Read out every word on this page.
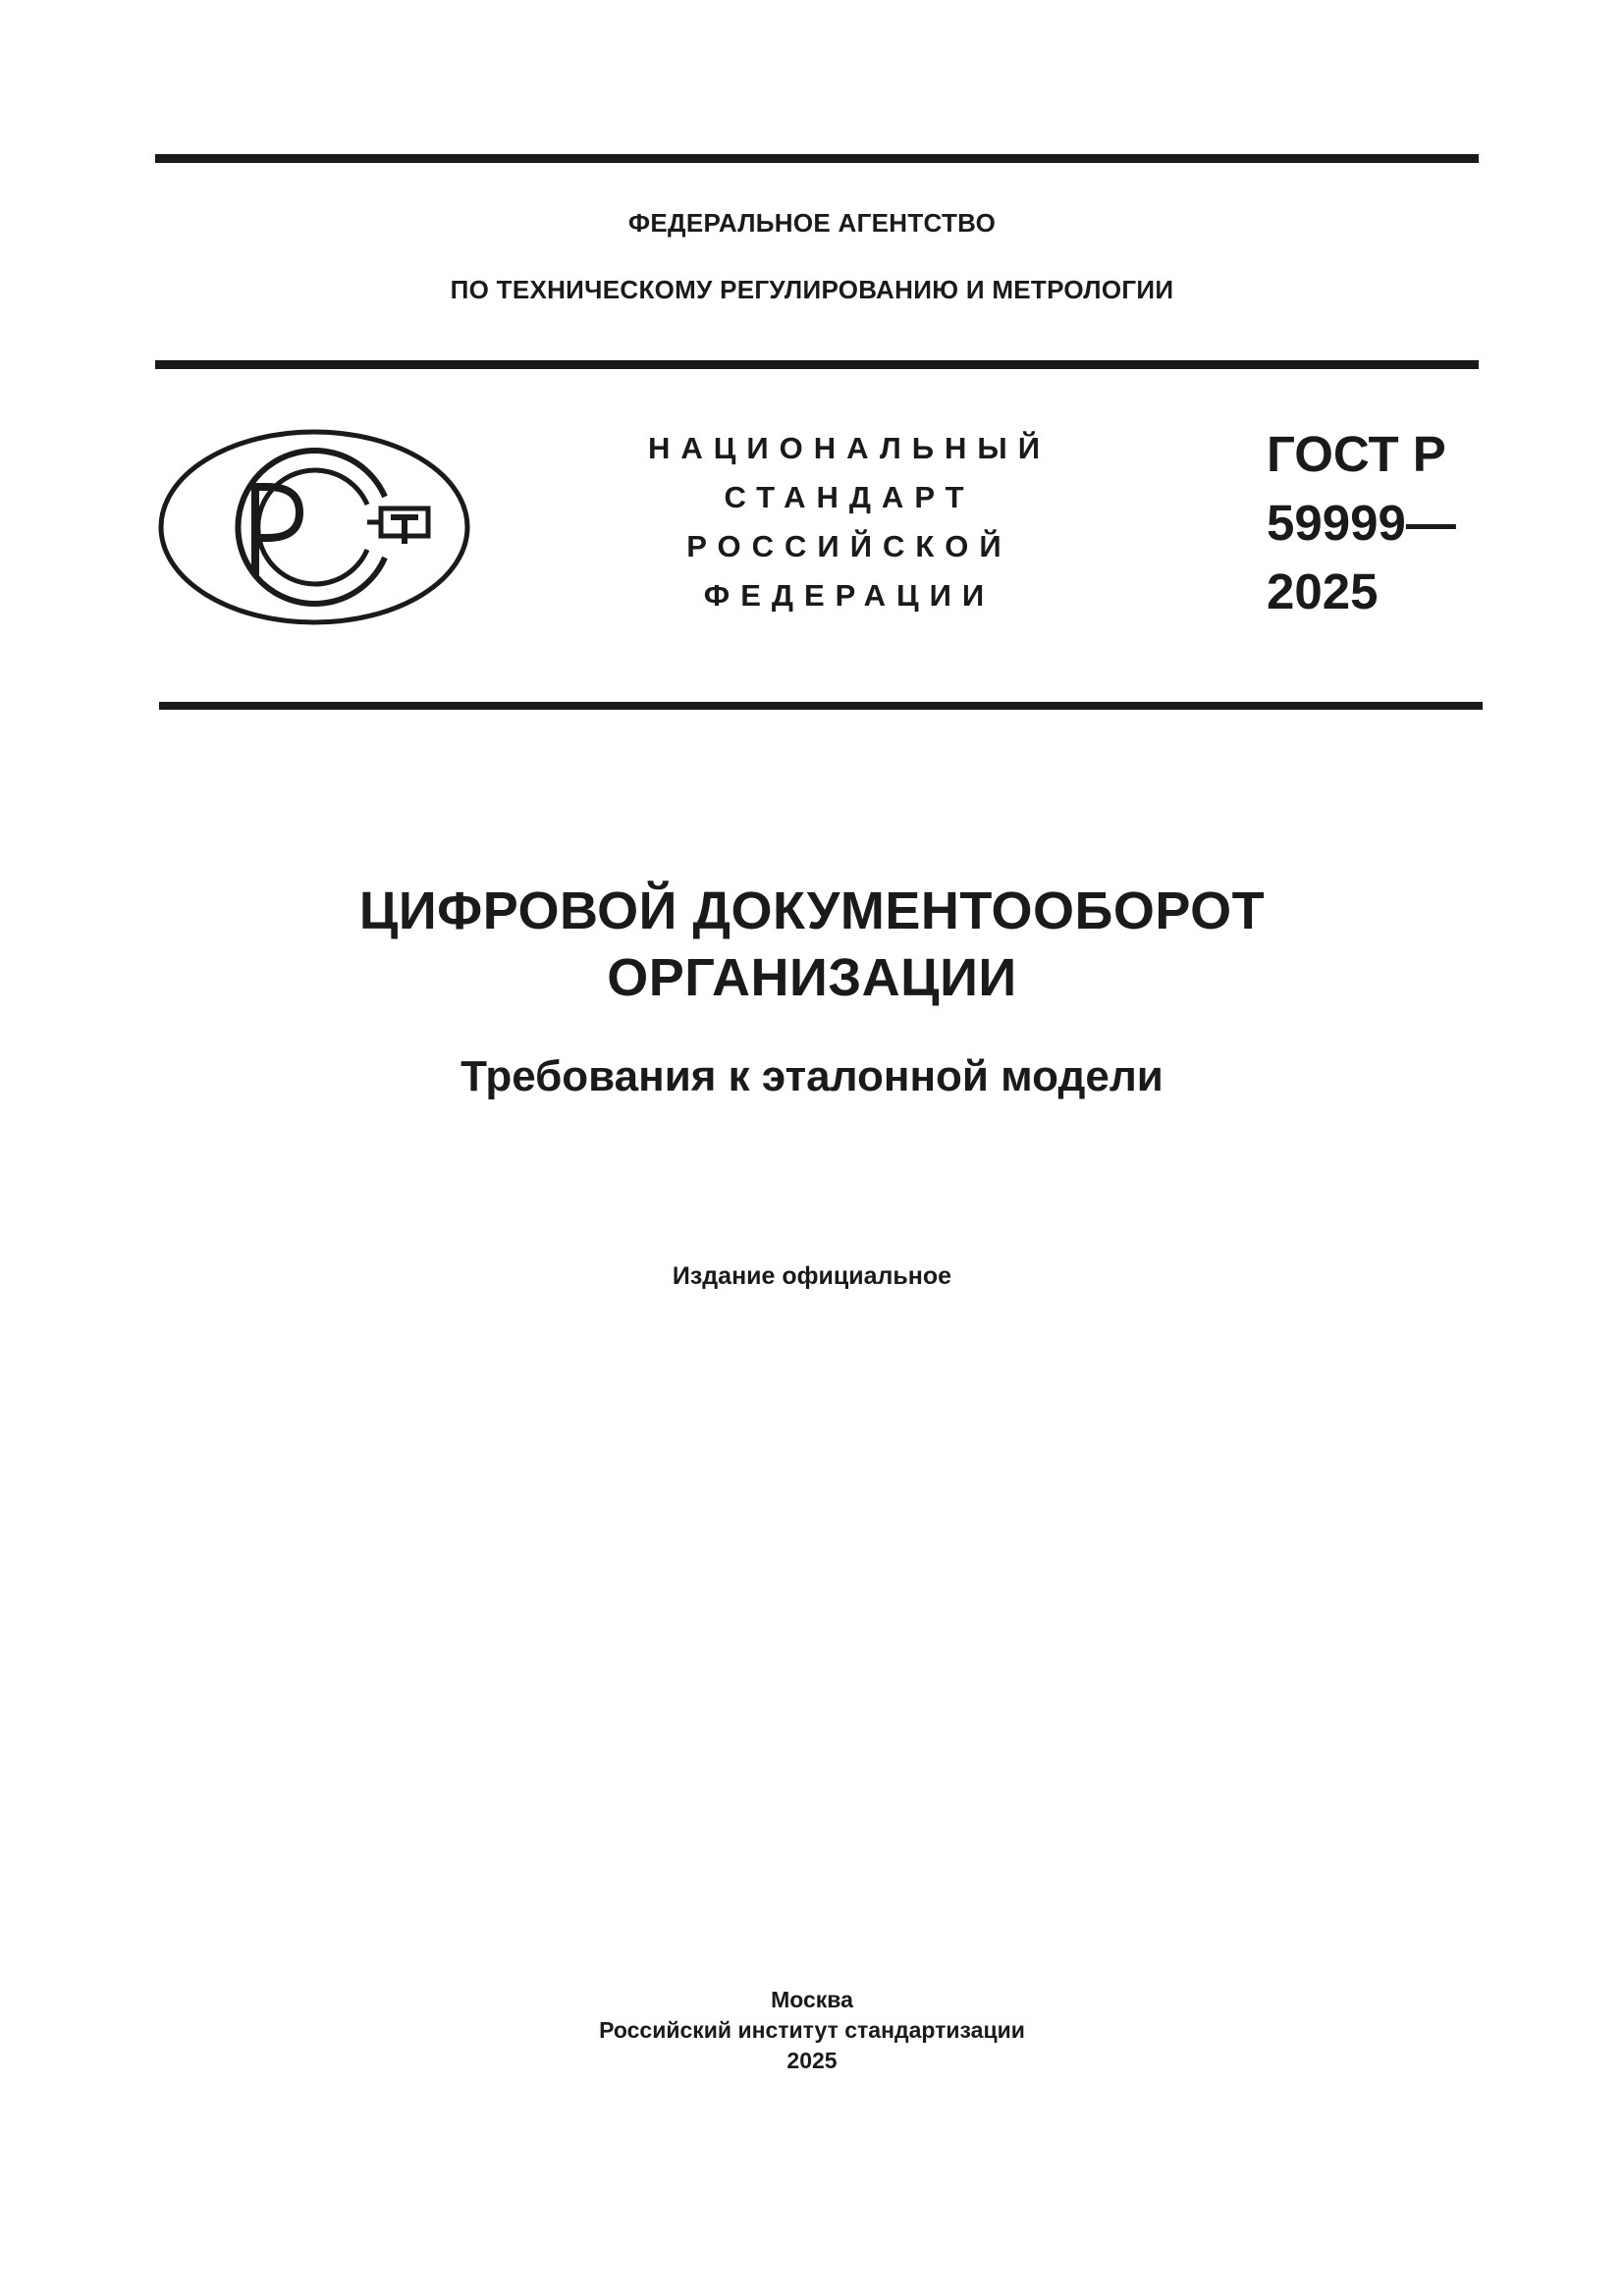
ФЕДЕРАЛЬНОЕ АГЕНТСТВО
ПО ТЕХНИЧЕСКОМУ РЕГУЛИРОВАНИЮ И МЕТРОЛОГИИ
НАЦИОНАЛЬНЫЙ
СТАНДАРТ
РОССИЙСКОЙ
ФЕДЕРАЦИИ
ГОСТ Р
59999—
2025
ЦИФРОВОЙ ДОКУМЕНТООБОРОТ
ОРГАНИЗАЦИИ
Требования к эталонной модели
Издание официальное
Москва
Российский институт стандартизации
2025
